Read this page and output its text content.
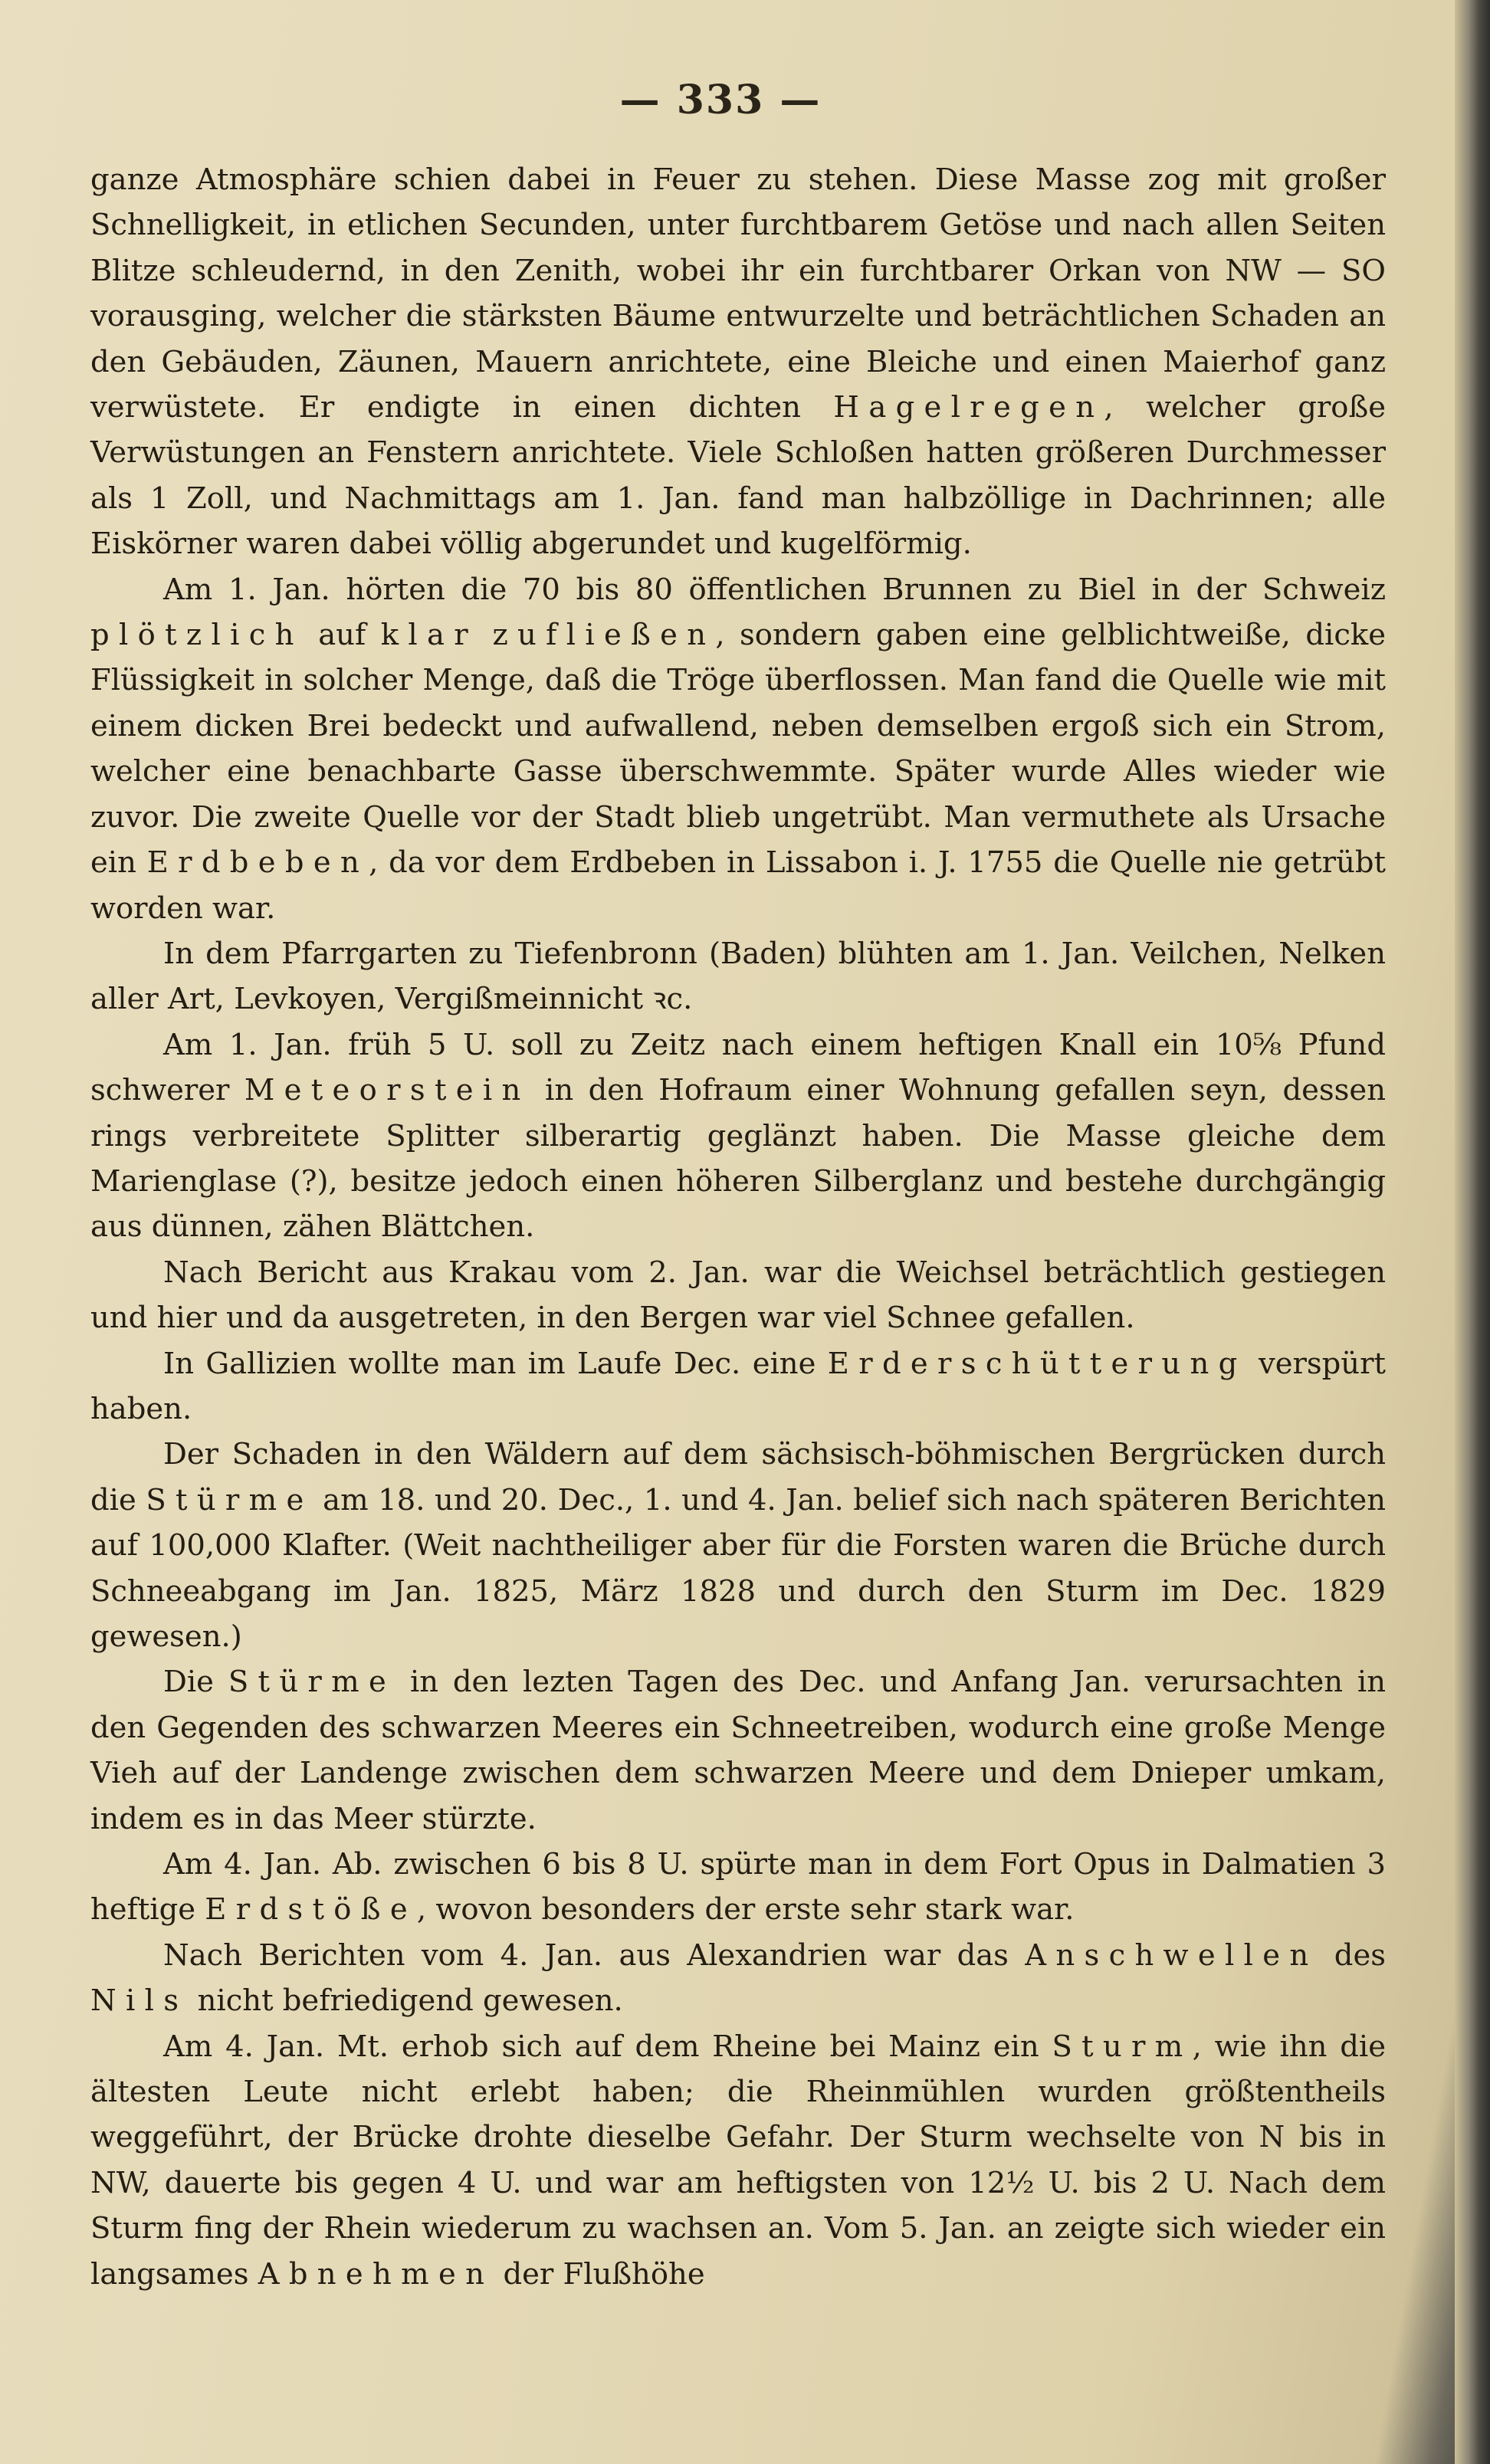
— 333 —

ganze Atmosphäre schien dabei in Feuer zu stehen. Diese Masse zog mit großer Schnelligkeit, in etlichen Secunden, unter furchtbarem Getöse und nach allen Seiten Blitze schleudernd, in den Zenith, wobei ihr ein furchtbarer Orkan von NW — SO vorausging, welcher die stärksten Bäume entwurzelte und beträchtlichen Schaden an den Gebäuden, Zäunen, Mauern anrichtete, eine Bleiche und einen Maierhof ganz verwüstete. Er endigte in einen dichten Hagelregen, welcher große Verwüstungen an Fenstern anrichtete. Viele Schloßen hatten größeren Durchmesser als 1 Zoll, und Nachmittags am 1. Jan. fand man halbzöllige in Dachrinnen; alle Eiskörner waren dabei völlig abgerundet und kugelförmig.

Am 1. Jan. hörten die 70 bis 80 öffentlichen Brunnen zu Biel in der Schweiz plötzlich auf klar zufließen, sondern gaben eine gelblichtweiße, dicke Flüssigkeit in solcher Menge, daß die Tröge überflossen. Man fand die Quelle wie mit einem dicken Brei bedeckt und aufwallend, neben demselben ergoß sich ein Strom, welcher eine benachbarte Gasse überschwemmte. Später wurde Alles wieder wie zuvor. Die zweite Quelle vor der Stadt blieb ungetrübt. Man vermuthete als Ursache ein Erdbeben, da vor dem Erdbeben in Lissabon i. J. 1755 die Quelle nie getrübt worden war.

In dem Pfarrgarten zu Tiefenbronn (Baden) blühten am 1. Jan. Veilchen, Nelken aller Art, Levkoyen, Vergißmeinnicht ꝛc.

Am 1. Jan. früh 5 U. soll zu Zeitz nach einem heftigen Knall ein 10⅝ Pfund schwerer Meteorstein in den Hofraum einer Wohnung gefallen seyn, dessen rings verbreitete Splitter silberartig geglänzt haben. Die Masse gleiche dem Marienglase (?), besitze jedoch einen höheren Silberglanz und bestehe durchgängig aus dünnen, zähen Blättchen.

Nach Bericht aus Krakau vom 2. Jan. war die Weichsel beträchtlich gestiegen und hier und da ausgetreten, in den Bergen war viel Schnee gefallen.

In Gallizien wollte man im Laufe Dec. eine Erderschütterung verspürt haben.

Der Schaden in den Wäldern auf dem sächsisch-böhmischen Bergrücken durch die Stürme am 18. und 20. Dec., 1. und 4. Jan. belief sich nach späteren Berichten auf 100,000 Klafter. (Weit nachtheiliger aber für die Forsten waren die Brüche durch Schneeabgang im Jan. 1825, März 1828 und durch den Sturm im Dec. 1829 gewesen.)

Die Stürme in den lezten Tagen des Dec. und Anfang Jan. verursachten in den Gegenden des schwarzen Meeres ein Schneetreiben, wodurch eine große Menge Vieh auf der Landenge zwischen dem schwarzen Meere und dem Dnieper umkam, indem es in das Meer stürzte.

Am 4. Jan. Ab. zwischen 6 bis 8 U. spürte man in dem Fort Opus in Dalmatien 3 heftige Erdstöße, wovon besonders der erste sehr stark war.

Nach Berichten vom 4. Jan. aus Alexandrien war das Anschwellen des Nils nicht befriedigend gewesen.

Am 4. Jan. Mt. erhob sich auf dem Rheine bei Mainz ein Sturm, wie ihn die ältesten Leute nicht erlebt haben; die Rheinmühlen wurden größtentheils weggeführt, der Brücke drohte dieselbe Gefahr. Der Sturm wechselte von N bis in NW, dauerte bis gegen 4 U. und war am heftigsten von 12½ U. bis 2 U. Nach dem Sturm fing der Rhein wiederum zu wachsen an. Vom 5. Jan. an zeigte sich wieder ein langsames Abnehmen der Flußhöhe
